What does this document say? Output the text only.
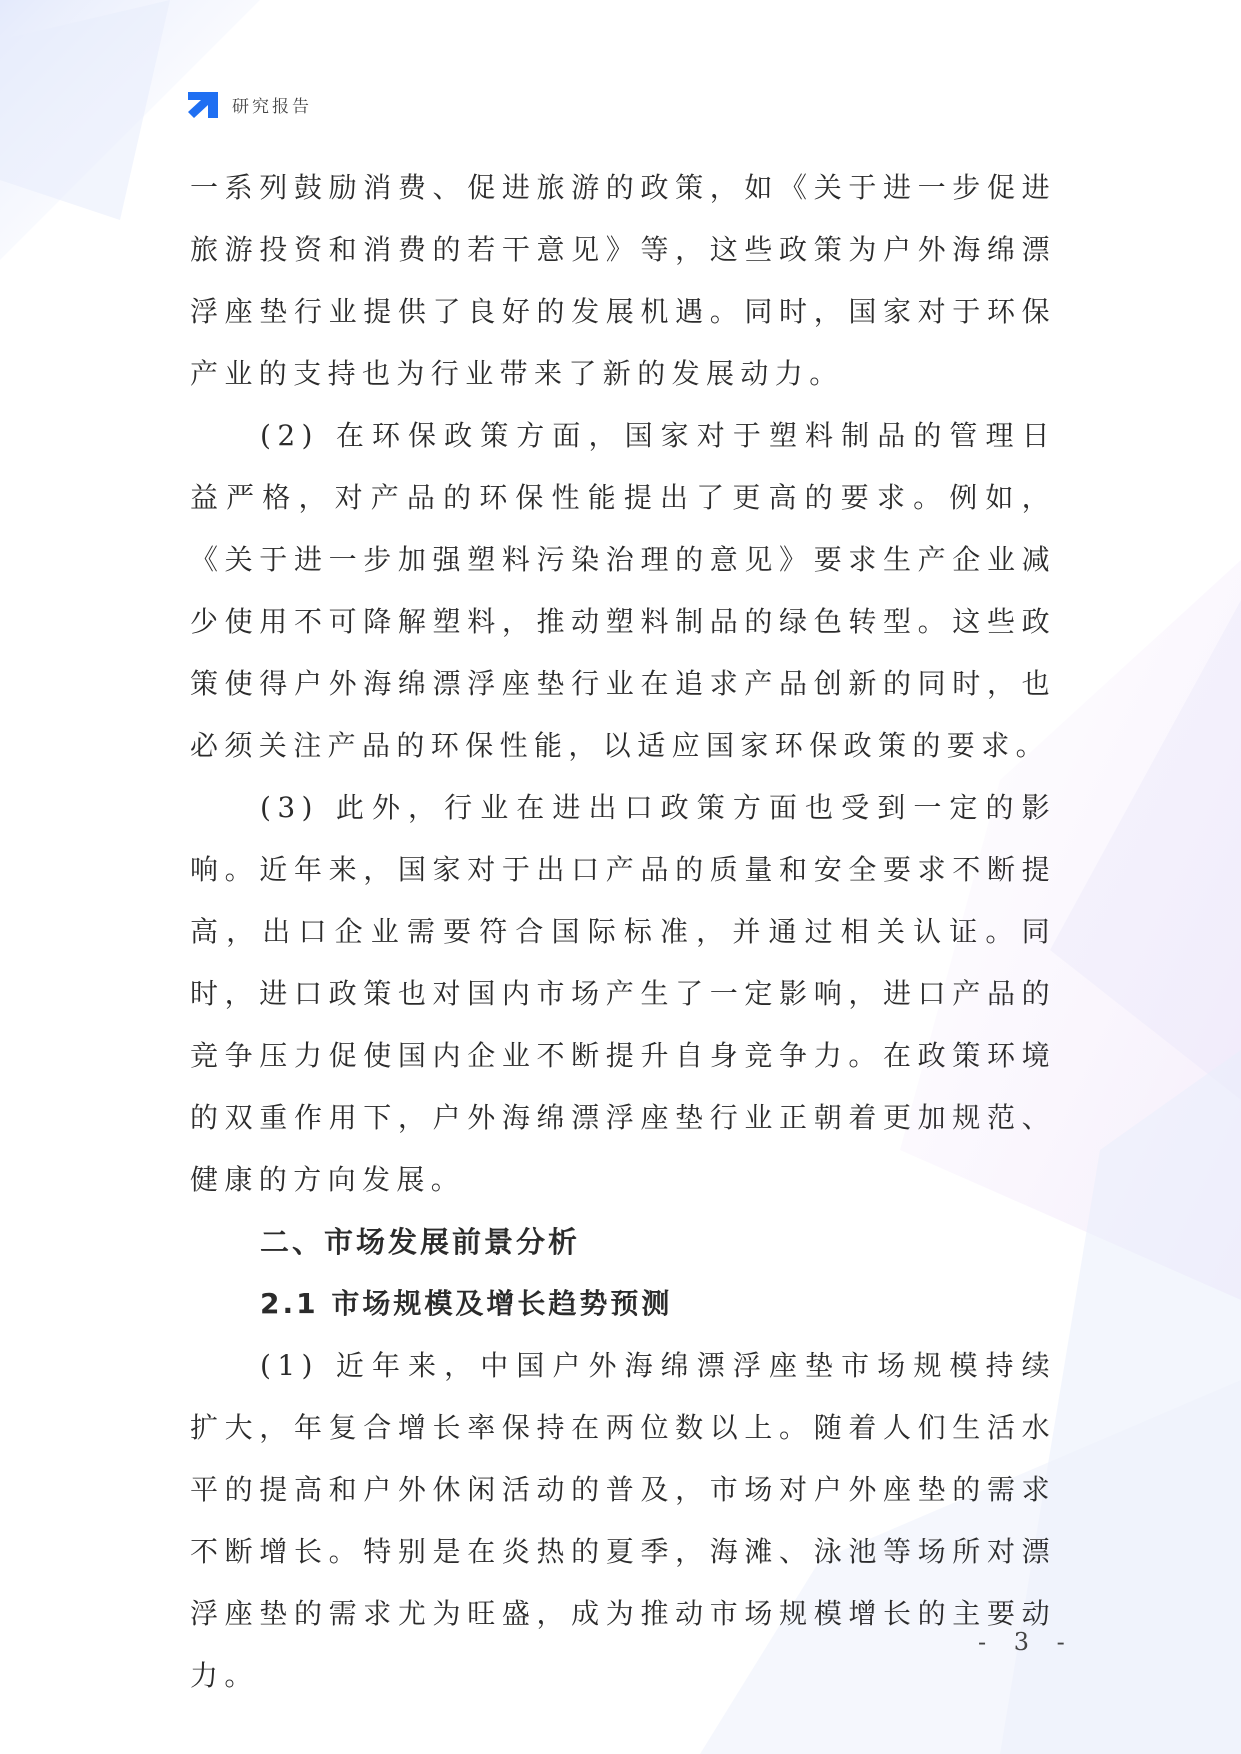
研究报告

一系列鼓励消费、促进旅游的政策，如《关于进一步促进旅游投资和消费的若干意见》等，这些政策为户外海绵漂浮座垫行业提供了良好的发展机遇。同时，国家对于环保产业的支持也为行业带来了新的发展动力。

(2) 在环保政策方面，国家对于塑料制品的管理日益严格，对产品的环保性能提出了更高的要求。例如，《关于进一步加强塑料污染治理的意见》要求生产企业减少使用不可降解塑料，推动塑料制品的绿色转型。这些政策使得户外海绵漂浮座垫行业在追求产品创新的同时，也必须关注产品的环保性能，以适应国家环保政策的要求。

(3) 此外，行业在进出口政策方面也受到一定的影响。近年来，国家对于出口产品的质量和安全要求不断提高，出口企业需要符合国际标准，并通过相关认证。同时，进口政策也对国内市场产生了一定影响，进口产品的竞争压力促使国内企业不断提升自身竞争力。在政策环境的双重作用下，户外海绵漂浮座垫行业正朝着更加规范、健康的方向发展。

二、市场发展前景分析
2.1 市场规模及增长趋势预测

(1) 近年来，中国户外海绵漂浮座垫市场规模持续扩大，年复合增长率保持在两位数以上。随着人们生活水平的提高和户外休闲活动的普及，市场对户外座垫的需求不断增长。特别是在炎热的夏季，海滩、泳池等场所对漂浮座垫的需求尤为旺盛，成为推动市场规模增长的主要动力。

- 3 -
